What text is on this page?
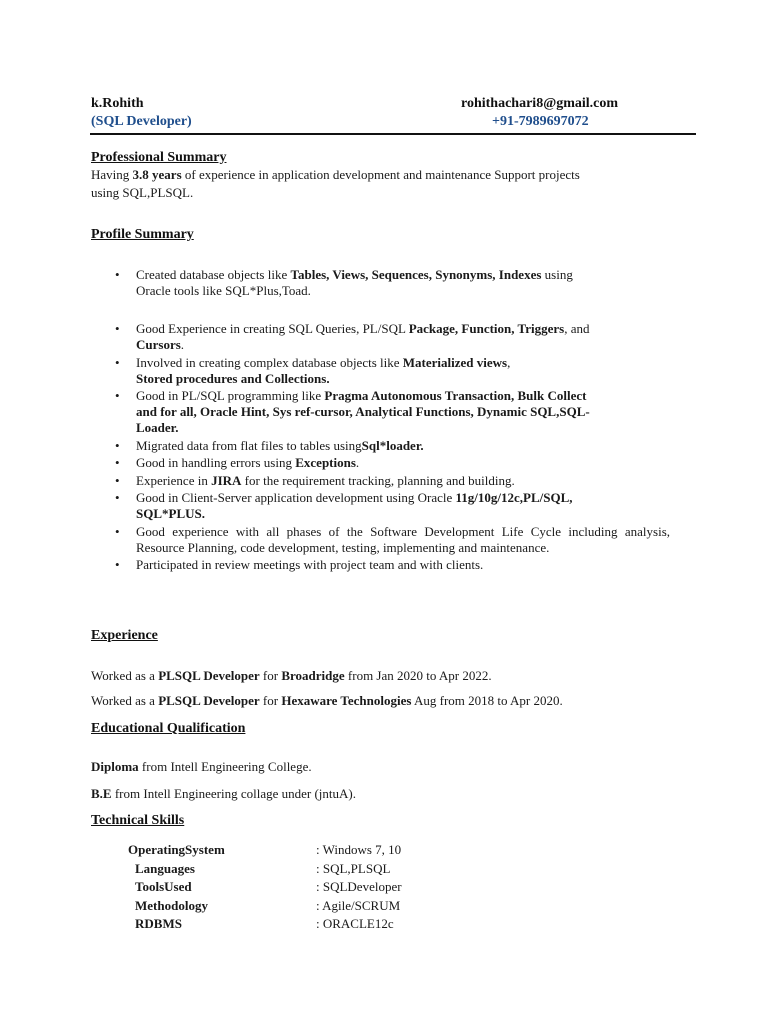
k.Rohith
(SQL Developer)
rohithachari8@gmail.com
+91-7989697072
Professional Summary
Having 3.8 years of experience in application development and maintenance Support projects
using SQL,PLSQL.
Profile Summary
• Created database objects like Tables, Views, Sequences, Synonyms, Indexes using
Oracle tools like SQL*Plus,Toad.
• Good Experience in creating SQL Queries, PL/SQL Package, Function, Triggers, and
Cursors.
• Involved in creating complex database objects like Materialized views,
Stored procedures and Collections.
• Good in PL/SQL programming like Pragma Autonomous Transaction, Bulk Collect
and for all, Oracle Hint, Sys ref-cursor, Analytical Functions, Dynamic SQL,SQL-
Loader.
• Migrated data from flat files to tables usingSql*loader.
• Good in handling errors using Exceptions.
• Experience in JIRA for the requirement tracking, planning and building.
• Good in Client-Server application development using Oracle 11g/10g/12c,PL/SQL,
SQL*PLUS.
• Good experience with all phases of the Software Development Life Cycle including analysis, Resource Planning, code development, testing, implementing and maintenance.
• Participated in review meetings with project team and with clients.
Experience
Worked as a PLSQL Developer for Broadridge from Jan 2020 to Apr 2022.
Worked as a PLSQL Developer for Hexaware Technologies Aug from 2018 to Apr 2020.
Educational Qualification
Diploma from Intell Engineering College.
B.E from Intell Engineering collage under (jntuA).
Technical Skills
OperatingSystem	: Windows 7, 10
Languages	: SQL,PLSQL
ToolsUsed	: SQLDeveloper
Methodology	: Agile/SCRUM
RDBMS	: ORACLE12c
